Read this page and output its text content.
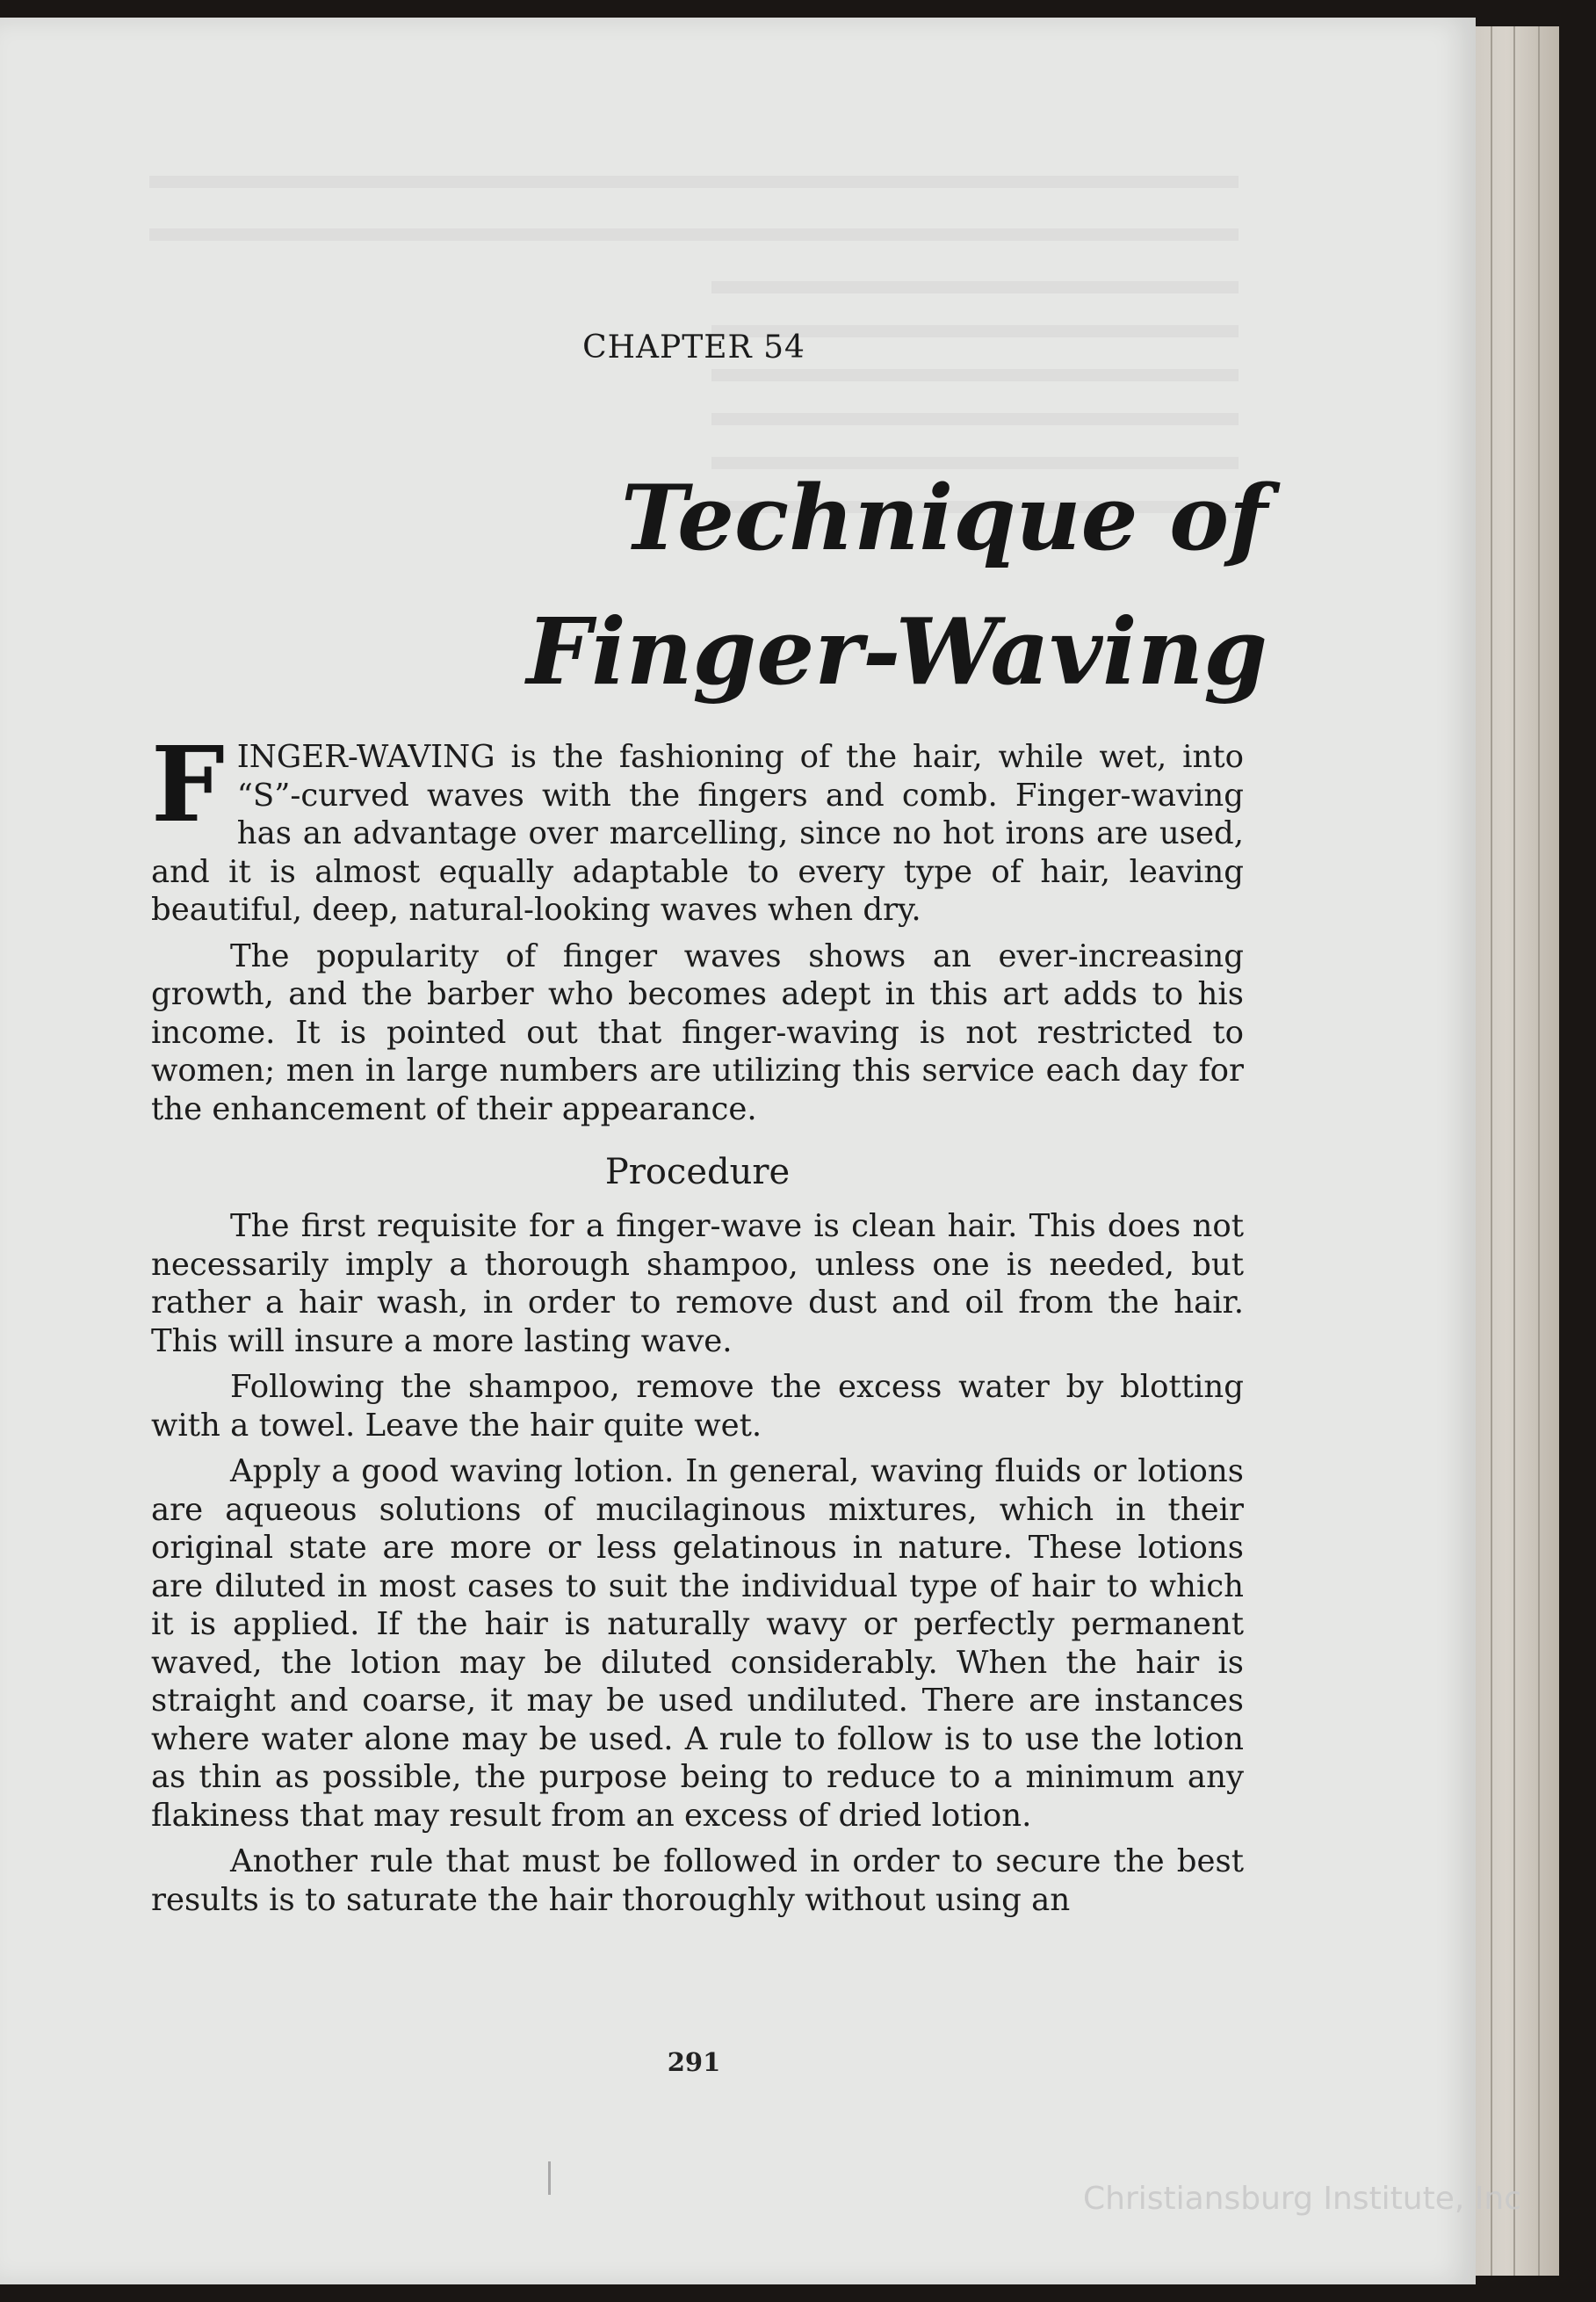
CHAPTER 54
Technique of
Finger-Waving

FINGER-WAVING is the fashioning of the hair, while wet, into “S”-curved waves with the fingers and comb. Finger-waving has an advantage over marcelling, since no hot irons are used, and it is almost equally adaptable to every type of hair, leaving beautiful, deep, natural-looking waves when dry.

The popularity of finger waves shows an ever-increasing growth, and the barber who becomes adept in this art adds to his income. It is pointed out that finger-waving is not restricted to women; men in large numbers are utilizing this service each day for the enhancement of their appearance.

Procedure

The first requisite for a finger-wave is clean hair. This does not necessarily imply a thorough shampoo, unless one is needed, but rather a hair wash, in order to remove dust and oil from the hair. This will insure a more lasting wave.

Following the shampoo, remove the excess water by blotting with a towel. Leave the hair quite wet.

Apply a good waving lotion. In general, waving fluids or lotions are aqueous solutions of mucilaginous mixtures, which in their original state are more or less gelatinous in nature. These lotions are diluted in most cases to suit the individual type of hair to which it is applied. If the hair is naturally wavy or perfectly permanent waved, the lotion may be diluted considerably. When the hair is straight and coarse, it may be used undiluted. There are instances where water alone may be used. A rule to follow is to use the lotion as thin as possible, the purpose being to reduce to a minimum any flakiness that may result from an excess of dried lotion.

Another rule that must be followed in order to secure the best results is to saturate the hair thoroughly without using an

291
Christiansburg Institute, Inc
